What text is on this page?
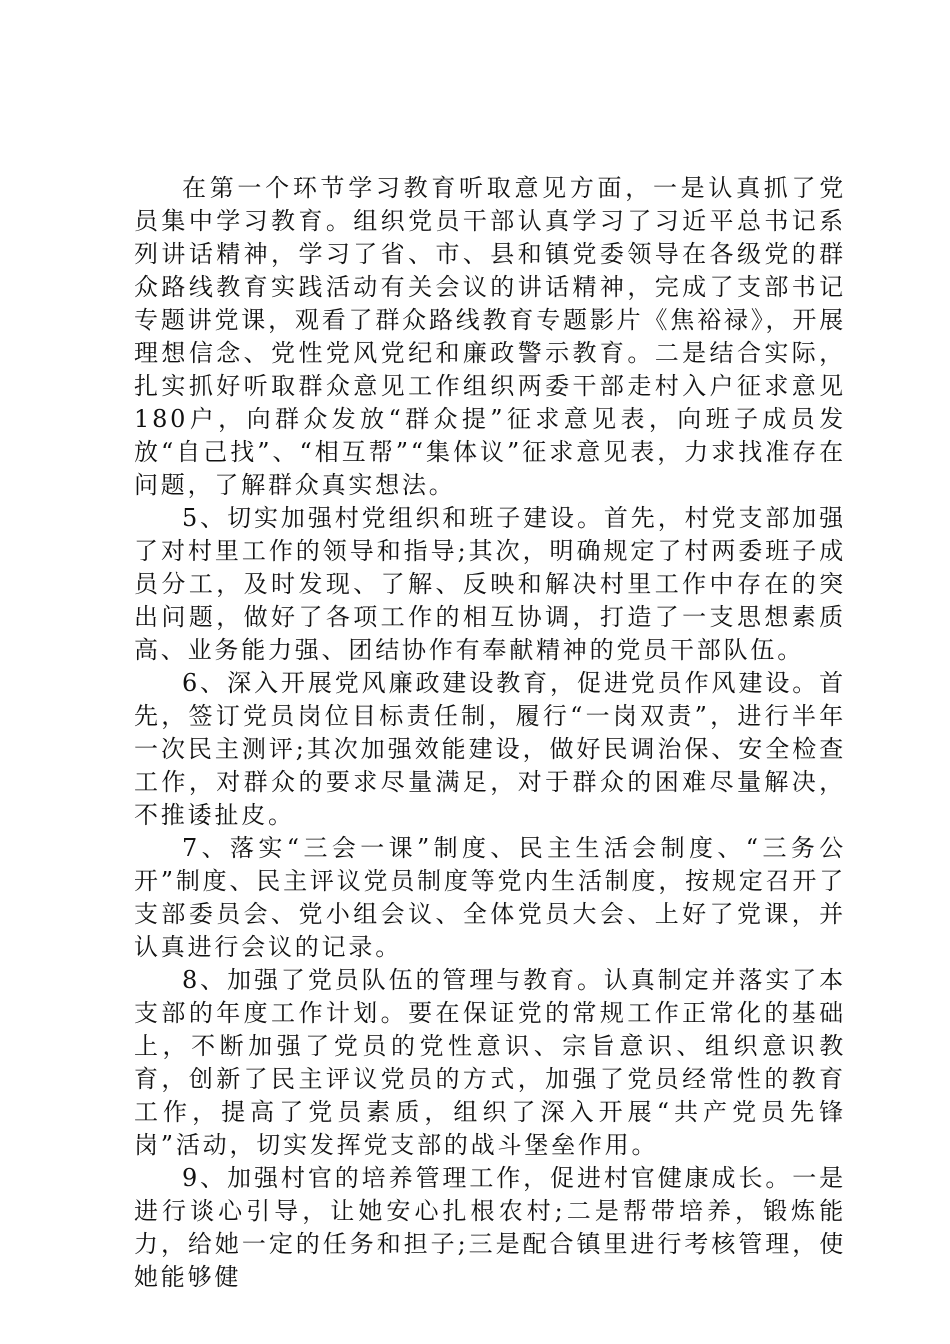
在第一个环节学习教育听取意见方面，一是认真抓了党员集中学习教育。组织党员干部认真学习了习近平总书记系列讲话精神，学习了省、市、县和镇党委领导在各级党的群众路线教育实践活动有关会议的讲话精神，完成了支部书记专题讲党课，观看了群众路线教育专题影片《焦裕禄》，开展理想信念、党性党风党纪和廉政警示教育。二是结合实际，扎实抓好听取群众意见工作组织两委干部走村入户征求意见180户，向群众发放“群众提”征求意见表，向班子成员发放“自己找”、“相互帮”“集体议”征求意见表，力求找准存在问题，了解群众真实想法。

5、切实加强村党组织和班子建设。首先，村党支部加强了对村里工作的领导和指导;其次，明确规定了村两委班子成员分工，及时发现、了解、反映和解决村里工作中存在的突出问题，做好了各项工作的相互协调，打造了一支思想素质高、业务能力强、团结协作有奉献精神的党员干部队伍。

6、深入开展党风廉政建设教育，促进党员作风建设。首先，签订党员岗位目标责任制，履行“一岗双责”，进行半年一次民主测评;其次加强效能建设，做好民调治保、安全检查工作，对群众的要求尽量满足，对于群众的困难尽量解决，不推诿扯皮。

7、落实“三会一课”制度、民主生活会制度、“三务公开”制度、民主评议党员制度等党内生活制度，按规定召开了支部委员会、党小组会议、全体党员大会、上好了党课，并认真进行会议的记录。

8、加强了党员队伍的管理与教育。认真制定并落实了本支部的年度工作计划。要在保证党的常规工作正常化的基础上，不断加强了党员的党性意识、宗旨意识、组织意识教育，创新了民主评议党员的方式，加强了党员经常性的教育工作，提高了党员素质，组织了深入开展“共产党员先锋岗”活动，切实发挥党支部的战斗堡垒作用。

9、加强村官的培养管理工作，促进村官健康成长。一是进行谈心引导，让她安心扎根农村;二是帮带培养，锻炼能力，给她一定的任务和担子;三是配合镇里进行考核管理，使她能够健
